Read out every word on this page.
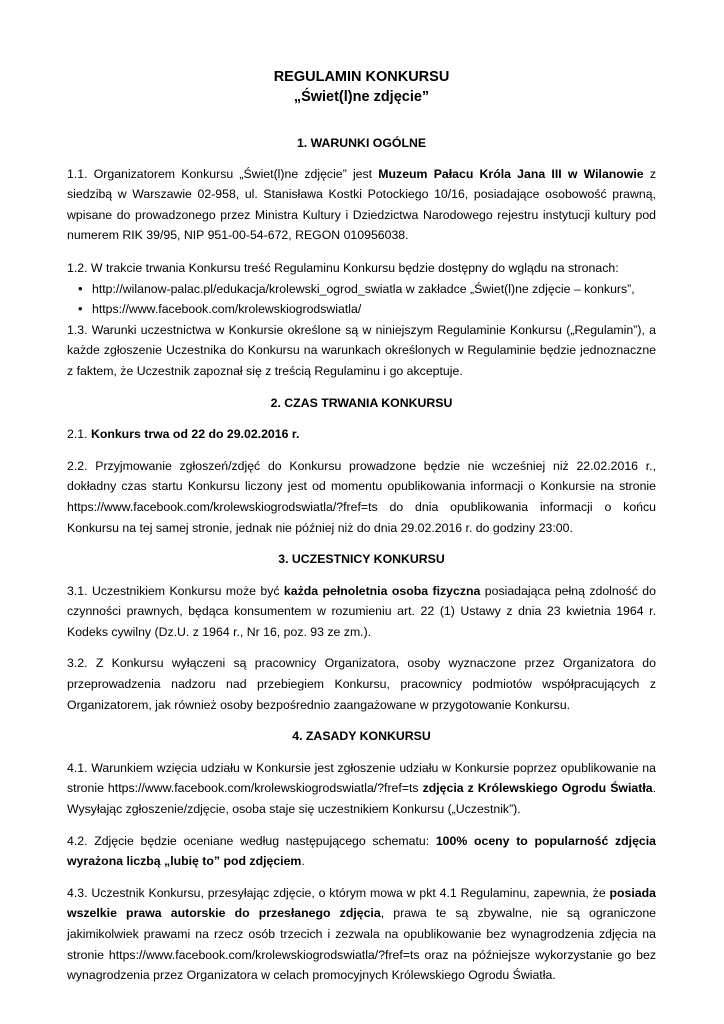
REGULAMIN KONKURSU
„Świet(l)ne zdjęcie”
1. WARUNKI OGÓLNE

1.1. Organizatorem Konkursu „Świet(l)ne zdjęcie” jest Muzeum Pałacu Króla Jana III w Wilanowie z siedzibą w Warszawie 02-958, ul. Stanisława Kostki Potockiego 10/16, posiadające osobowość prawną, wpisane do prowadzonego przez Ministra Kultury i Dziedzictwa Narodowego rejestru instytucji kultury pod numerem RIK 39/95, NIP 951-00-54-672, REGON 010956038.

1.2. W trakcie trwania Konkursu treść Regulaminu Konkursu będzie dostępny do wglądu na stronach:

• http://wilanow-palac.pl/edukacja/krolewski_ogrod_swiatla w zakładce „Świet(l)ne zdjęcie – konkurs”,
• https://www.facebook.com/krolewskiogrodswiatla/

1.3. Warunki uczestnictwa w Konkursie określone są w niniejszym Regulaminie Konkursu („Regulamin”), a każde zgłoszenie Uczestnika do Konkursu na warunkach określonych w Regulaminie będzie jednoznaczne z faktem, że Uczestnik zapoznał się z treścią Regulaminu i go akceptuje.

2. CZAS TRWANIA KONKURSU

2.1. Konkurs trwa od 22 do 29.02.2016 r.

2.2. Przyjmowanie zgłoszeń/zdjęć do Konkursu prowadzone będzie nie wcześniej niż 22.02.2016 r., dokładny czas startu Konkursu liczony jest od momentu opublikowania informacji o Konkursie na stronie https://www.facebook.com/krolewskiogrodswiatla/?fref=ts do dnia opublikowania informacji o końcu Konkursu na tej samej stronie, jednak nie później niż do dnia 29.02.2016 r. do godziny 23:00.

3. UCZESTNICY KONKURSU

3.1. Uczestnikiem Konkursu może być każda pełnoletnia osoba fizyczna posiadająca pełną zdolność do czynności prawnych, będąca konsumentem w rozumieniu art. 22 (1) Ustawy z dnia 23 kwietnia 1964 r. Kodeks cywilny (Dz.U. z 1964 r., Nr 16, poz. 93 ze zm.).

3.2. Z Konkursu wyłączeni są pracownicy Organizatora, osoby wyznaczone przez Organizatora do przeprowadzenia nadzoru nad przebiegiem Konkursu, pracownicy podmiotów współpracujących z Organizatorem, jak również osoby bezpośrednio zaangażowane w przygotowanie Konkursu.

4. ZASADY KONKURSU

4.1. Warunkiem wzięcia udziału w Konkursie jest zgłoszenie udziału w Konkursie poprzez opublikowanie na stronie https://www.facebook.com/krolewskiogrodswiatla/?fref=ts zdjęcia z Królewskiego Ogrodu Światła. Wysyłając zgłoszenie/zdjęcie, osoba staje się uczestnikiem Konkursu („Uczestnik”).

4.2. Zdjęcie będzie oceniane według następującego schematu: 100% oceny to popularność zdjęcia wyrażona liczbą „lubię to” pod zdjęciem.

4.3. Uczestnik Konkursu, przesyłając zdjęcie, o którym mowa w pkt 4.1 Regulaminu, zapewnia, że posiada wszelkie prawa autorskie do przesłanego zdjęcia, prawa te są zbywalne, nie są ograniczone jakimikolwiek prawami na rzecz osób trzecich i zezwala na opublikowanie bez wynagrodzenia zdjęcia na stronie https://www.facebook.com/krolewskiogrodswiatla/?fref=ts oraz na późniejsze wykorzystanie go bez wynagrodzenia przez Organizatora w celach promocyjnych Królewskiego Ogrodu Światła.
